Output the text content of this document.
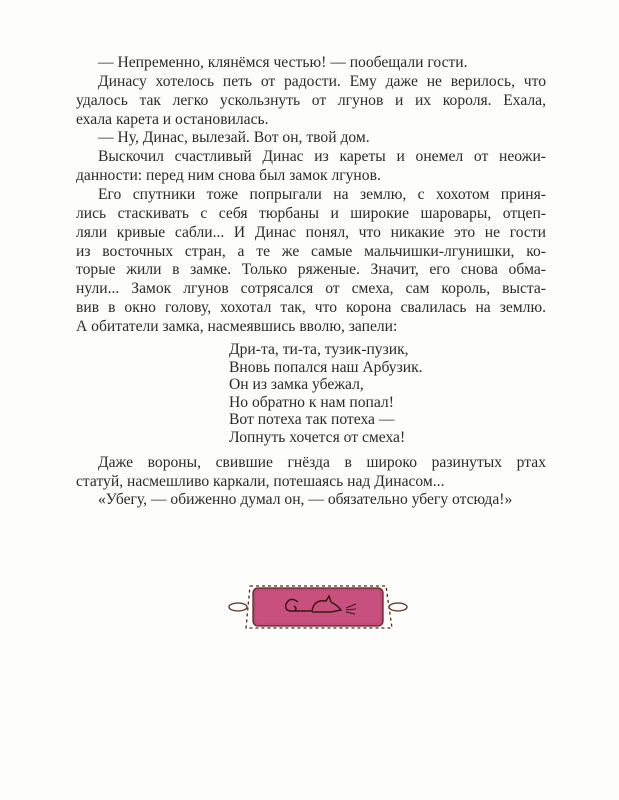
— Непременно, клянёмся честью! — пообещали гости.
Динасу хотелось петь от радости. Ему даже не верилось, что
удалось так легко ускользнуть от лгунов и их короля. Ехала,
ехала карета и остановилась.
— Ну, Динас, вылезай. Вот он, твой дом.
Выскочил счастливый Динас из кареты и онемел от неожи-
данности: перед ним снова был замок лгунов.
Его спутники тоже попрыгали на землю, с хохотом приня-
лись стаскивать с себя тюрбаны и широкие шаровары, отцеп-
ляли кривые сабли... И Динас понял, что никакие это не гости
из восточных стран, а те же самые мальчишки-лгунишки, ко-
торые жили в замке. Только ряженые. Значит, его снова обма-
нули... Замок лгунов сотрясался от смеха, сам король, выста-
вив в окно голову, хохотал так, что корона свалилась на землю.
А обитатели замка, насмеявшись вволю, запели:
Дри-та, ти-та, тузик-пузик,
Вновь попался наш Арбузик.
Он из замка убежал,
Но обратно к нам попал!
Вот потеха так потеха —
Лопнуть хочется от смеха!
Даже вороны, свившие гнёзда в широко разинутых ртах
статуй, насмешливо каркали, потешаясь над Динасом...
«Убегу, — обиженно думал он, — обязательно убегу отсюда!»
